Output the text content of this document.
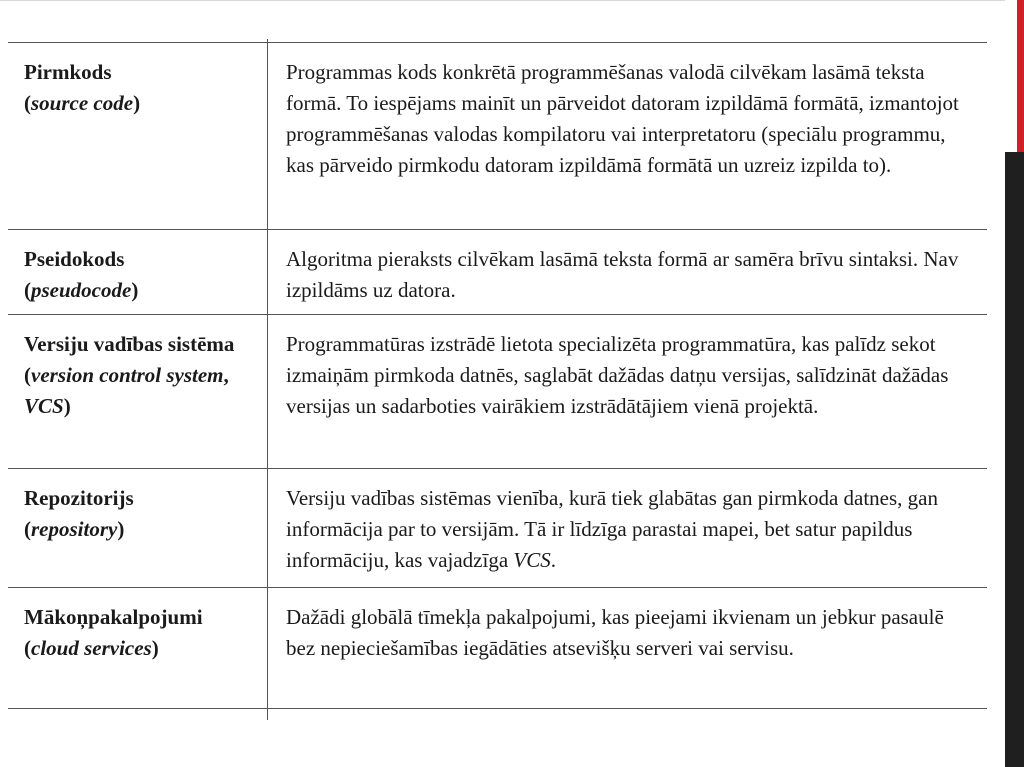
Pirmkods
(source code)
Programmas kods konkrētā programmēšanas valodā cilvēkam lasāmā teksta formā. To iespējams mainīt un pārveidot datoram izpildāmā formātā, izmantojot programmēšanas valodas kompilatoru vai interpretatoru (speciālu programmu, kas pārveido pirmkodu datoram izpildāmā formātā un uzreiz izpilda to).
Pseidokods
(pseudocode)
Algoritma pieraksts cilvēkam lasāmā teksta formā ar samēra brīvu sintaksi. Nav izpildāms uz datora.
Versiju vadības sistēma (version control system, VCS)
Programmatūras izstrādē lietota specializēta programmatūra, kas palīdz sekot izmaiņām pirmkoda datnēs, saglabāt dažādas datņu versijas, salīdzināt dažādas versijas un sadarboties vairākiem izstrādātājiem vienā projektā.
Repozitorijs
(repository)
Versiju vadības sistēmas vienība, kurā tiek glabātas gan pirmkoda datnes, gan informācija par to versijām. Tā ir līdzīga parastai mapei, bet satur papildus informāciju, kas vajadzīga VCS.
Mākoņpakalpojumi
(cloud services)
Dažādi globālā tīmekļa pakalpojumi, kas pieejami ikvienam un jebkur pasaulē bez nepieciešamības iegādāties atsevišķu serveri vai servisu.
